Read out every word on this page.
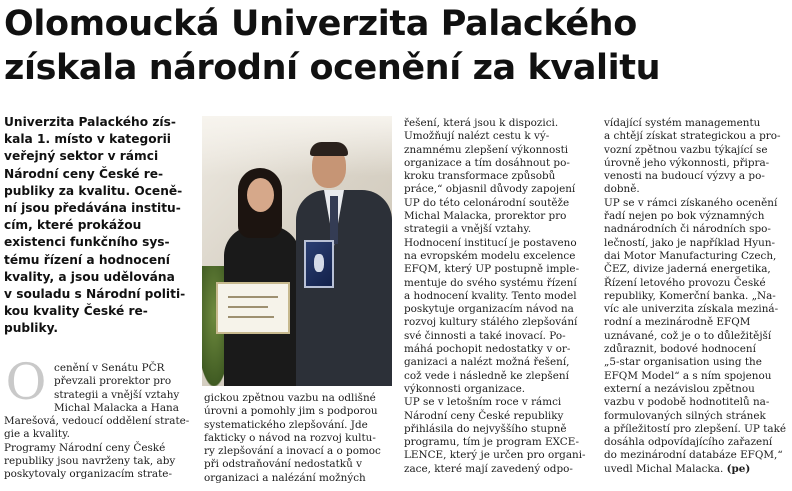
Olomoucká Univerzita Palackého
získala národní ocenění za kvalitu

Univerzita Palackého zís-

kala 1. místo v kategorii

veřejný sektor v rámci

Národní ceny České re-

publiky za kvalitu. Oceně-

ní jsou předávána institu-

cím, které prokážou

existenci funkčního sys-

tému řízení a hodnocení

kvality, a jsou udělována

v souladu s Národní politi-

kou kvality České re-

publiky.

O cenění v Senátu PČR

převzali prorektor pro

strategii a vnější vztahy

Michal Malacka a Hana

Marešová, vedoucí oddělení strate-

gie a kvality.

Programy Národní ceny České

republiky jsou navrženy tak, aby

poskytovaly organizacím strate-

gickou zpětnou vazbu na odlišné

úrovni a pomohly jim s podporou

systematického zlepšování. Jde

fakticky o návod na rozvoj kultu-

ry zlepšování a inovací a o pomoc

při odstraňování nedostatků v

organizaci a nalézání možných

řešení, která jsou k dispozici.

Umožňují nalézt cestu k vý-

znamnému zlepšení výkonnosti

organizace a tím dosáhnout po-

kroku transformace způsobů

práce,“ objasnil důvody zapojení

UP do této celonárodní soutěže

Michal Malacka, prorektor pro

strategii a vnější vztahy.

Hodnocení institucí je postaveno

na evropském modelu excelence

EFQM, který UP postupně imple-

mentuje do svého systému řízení

a hodnocení kvality. Tento model

poskytuje organizacím návod na

rozvoj kultury stálého zlepšování

své činnosti a také inovací. Po-

máhá pochopit nedostatky v or-

ganizaci a nalézt možná řešení,

což vede i následně ke zlepšení

výkonnosti organizace.

UP se v letošním roce v rámci

Národní ceny České republiky

přihlásila do nejvyššího stupně

programu, tím je program EXCE-

LENCE, který je určen pro organi-

zace, které mají zavedený odpo-

vídající systém managementu

a chtějí získat strategickou a pro-

vozní zpětnou vazbu týkající se

úrovně jeho výkonnosti, připra-

venosti na budoucí výzvy a po-

dobně.

UP se v rámci získaného ocenění

řadí nejen po bok významných

nadnárodních či národních spo-

lečností, jako je například Hyun-

dai Motor Manufacturing Czech,

ČEZ, divize jaderná energetika,

Řízení letového provozu České

republiky, Komerční banka. „Na-

víc ale univerzita získala meziná-

rodní a mezinárodně EFQM

uznávané, což je o to důležitější

zdůraznit, bodové hodnocení

„5-star organisation using the

EFQM Model“ a s ním spojenou

externí a nezávislou zpětnou

vazbu v podobě hodnotitelů na-

formulovaných silných stránek

a příležitostí pro zlepšení. UP také

dosáhla odpovídajícího zařazení

do mezinárodní databáze EFQM,“

uvedl Michal Malacka. (pe)
